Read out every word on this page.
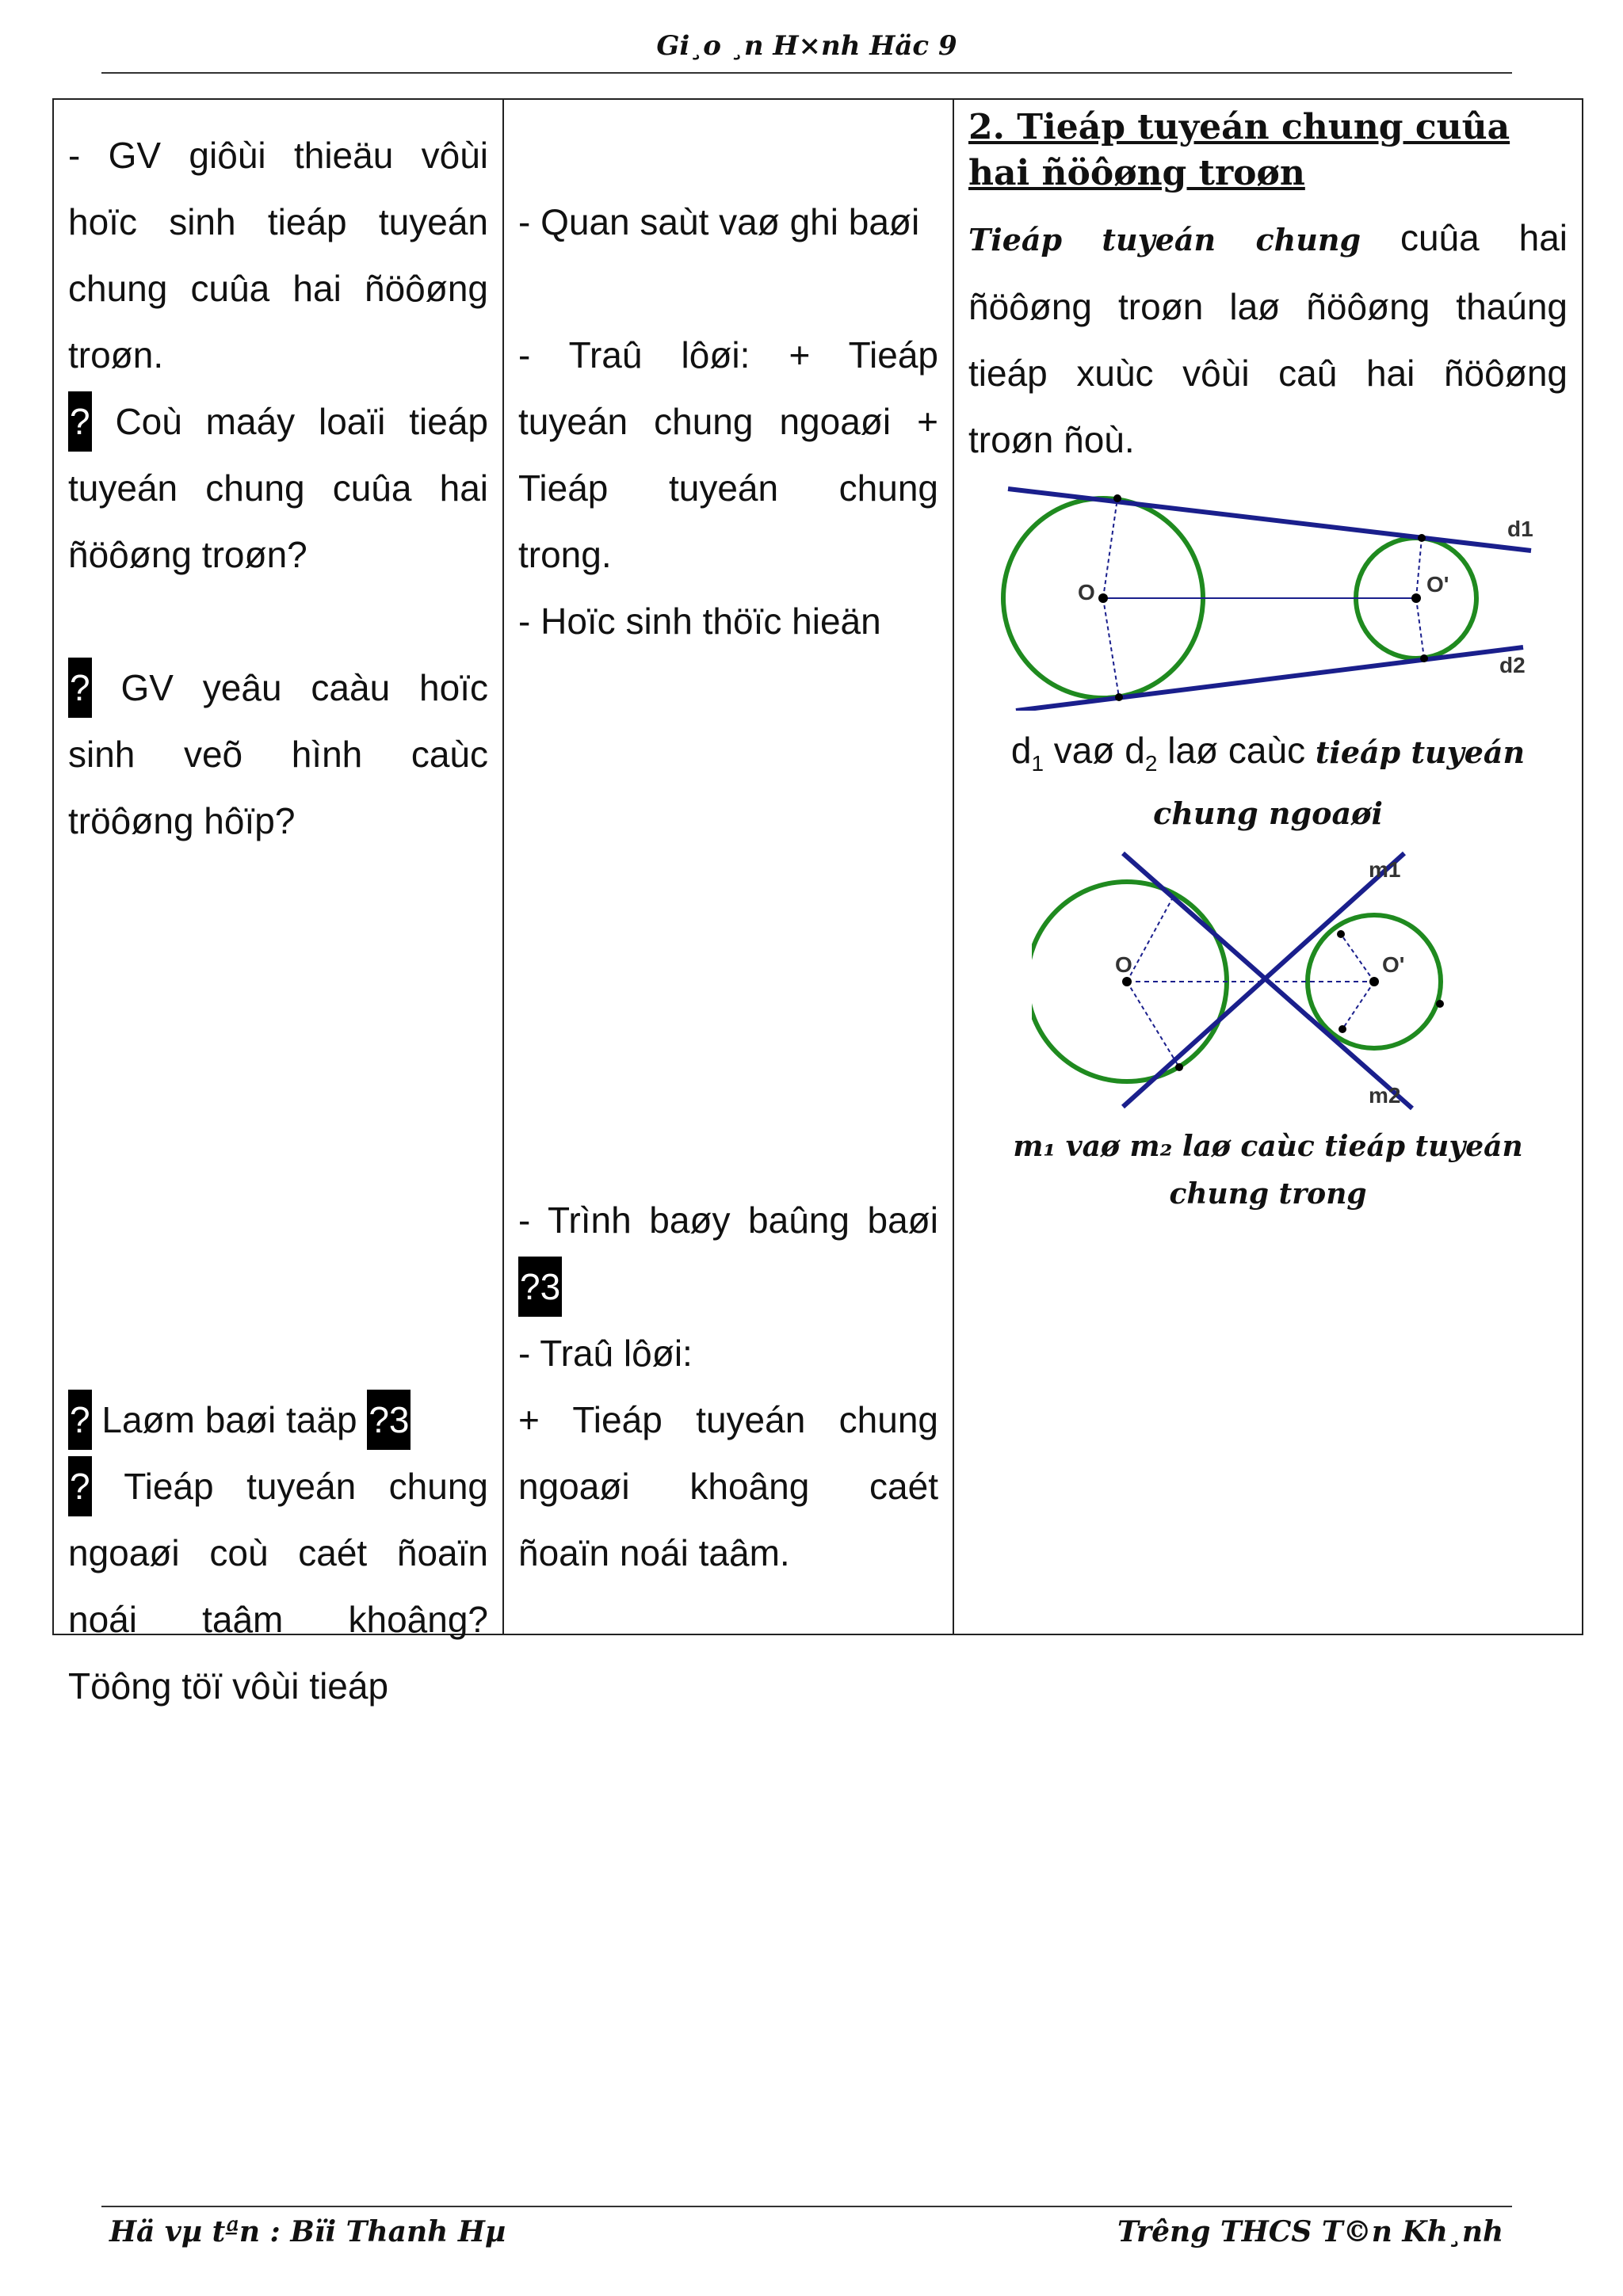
Gi¸o ¸n H×nh Häc 9
- GV giôùi thieäu vôùi hoïc sinh tieáp tuyeán chung cuûa hai ñöôøng troøn.
? Coù maáy loaïi tieáp tuyeán chung cuûa hai ñöôøng troøn?
? GV yeâu caàu hoïc sinh veõ hình caùc tröôøng hôïp?
? Laøm baøi taäp ?3
? Tieáp tuyeán chung ngoaøi coù caét ñoaïn noái taâm khoâng? Töông töï vôùi tieáp

- Quan saùt vaø ghi baøi
- Traû lôøi: + Tieáp tuyeán chung ngoaøi + Tieáp tuyeán chung trong.
- Hoïc sinh thöïc hieän
- Trình baøy baûng baøi ?3
- Traû lôøi:
+ Tieáp tuyeán chung ngoaøi khoâng caét ñoaïn noái taâm.

2. Tieáp tuyeán chung cuûa hai ñöôøng troøn
Tieáp tuyeán chung cuûa hai ñöôøng troøn laø ñöôøng thaúng tieáp xuùc vôùi caû hai ñöôøng troøn ñoù.
d1
d2
O	O'
$d_1$ vaø $d_2$ laø caùc tieáp tuyeán chung ngoaøi
m1
m2
O	O'
m₁ vaø m₂ laø caùc tieáp tuyeán chung trong
Hä vµ tªn : Bïi Thanh Hµ	Trêng THCS T©n Kh¸nh
